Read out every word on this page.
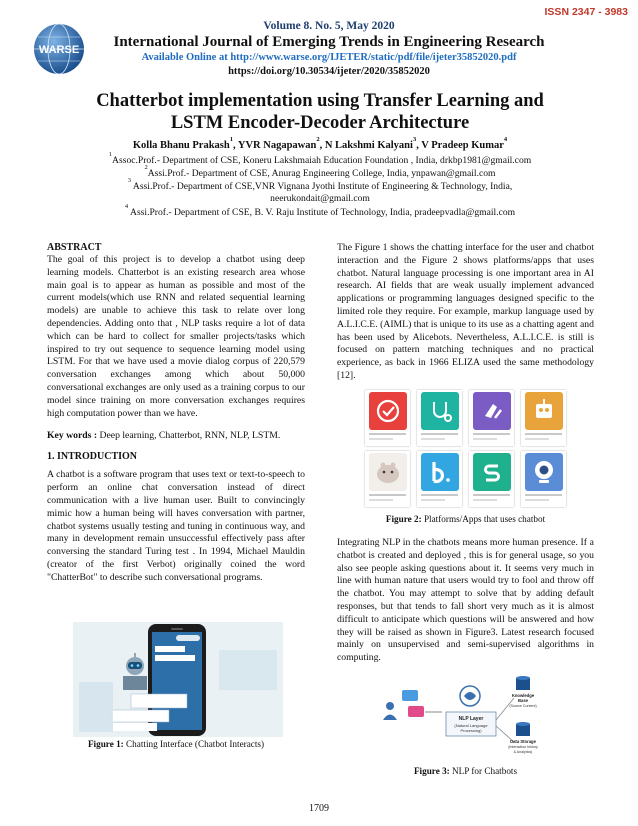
ISSN 2347 - 3983
WARSE
Volume 8. No. 5, May 2020
International Journal of Emerging Trends in Engineering Research
Available Online at http://www.warse.org/IJETER/static/pdf/file/ijeter35852020.pdf
https://doi.org/10.30534/ijeter/2020/35852020
Chatterbot implementation using Transfer Learning and
LSTM Encoder-Decoder Architecture
Kolla Bhanu Prakash$^1$, YVR Nagapawan$^2$, N Lakshmi Kalyani$^3$, V Pradeep Kumar$^4$
$^1$Assoc.Prof.- Department of CSE, Koneru Lakshmaiah Education Foundation , India, drkbp1981@gmail.com
$^2$Assi.Prof.- Department of CSE, Anurag Engineering College, India, ynpawan@gmail.com
$^3$ Assi.Prof.- Department of CSE,VNR Vignana Jyothi Institute of Engineering & Technology, India,
neerukondait@gmail.com
$^4$ Assi.Prof.- Department of CSE, B. V. Raju Institute of Technology, India, pradeepvadla@gmail.com
ABSTRACT

The goal of this project is to develop a chatbot using deep learning models. Chatterbot is an existing research area whose main goal is to appear as human as possible and most of the current models(which use RNN and related sequential learning models) are unable to achieve this task to relate over long dependencies. Adding onto that , NLP tasks require a lot of data which can be hard to collect for smaller projects/tasks which inspired to try out sequence to sequence learning model using LSTM. For that we have used a movie dialog corpus of 220,579 conversation exchanges among which about 50,000 conversational exchanges are only used as a training corpus to our model since training on more conversation exchanges requires high computation power than we have.

Key words : Deep learning, Chatterbot, RNN, NLP, LSTM.
1. INTRODUCTION

A chatbot is a software program that uses text or text-to-speech to perform an online chat conversation instead of direct communication with a live human user. Built to convincingly mimic how a human being will haves conversation with partner, chatbot systems usually testing and tuning in continuous way, and many in development remain unsuccessful effectively pass after conversing the standard Turing test . In 1994, Michael Mauldin (creator of the first Verbot) originally coined the word "ChatterBot" to describe such conversational programs.

Figure 1: Chatting Interface (Chatbot Interacts)

The Figure 1 shows the chatting interface for the user and chatbot interaction and the Figure 2 shows platforms/apps that uses chatbot. Natural language processing is one important area in AI research. AI fields that are weak usually implement advanced applications or programming languages designed specific to the limited role they require. For example, markup language used by A.L.I.C.E. (AIML) that is unique to its use as a chatting agent and has been used by Alicebots. Nevertheless, A.L.I.C.E. is still is focused on pattern matching techniques and no practical experience, as back in 1966 ELIZA used the same methodology [12].

Figure 2: Platforms/Apps that uses chatbot

Integrating NLP in the chatbots means more human presence. If a chatbot is created and deployed , this is for general usage, so you also see people asking questions about it. It seems very much in line with human nature that users would try to fool and throw off the chatbot. You may attempt to solve that by adding default responses, but that tends to fall short very much as it is almost difficult to anticipate which questions will be answered and how they will be raised as shown in Figure3. Latest research focused mainly on unsupervised and semi-supervised algorithms in computing.

NLP Layer
(Natural Language
Processing)
Knowledge
Base
(Source Content)
Data Storage
(Interaction history
& Analytics)
Figure 3: NLP for Chatbots
1709
